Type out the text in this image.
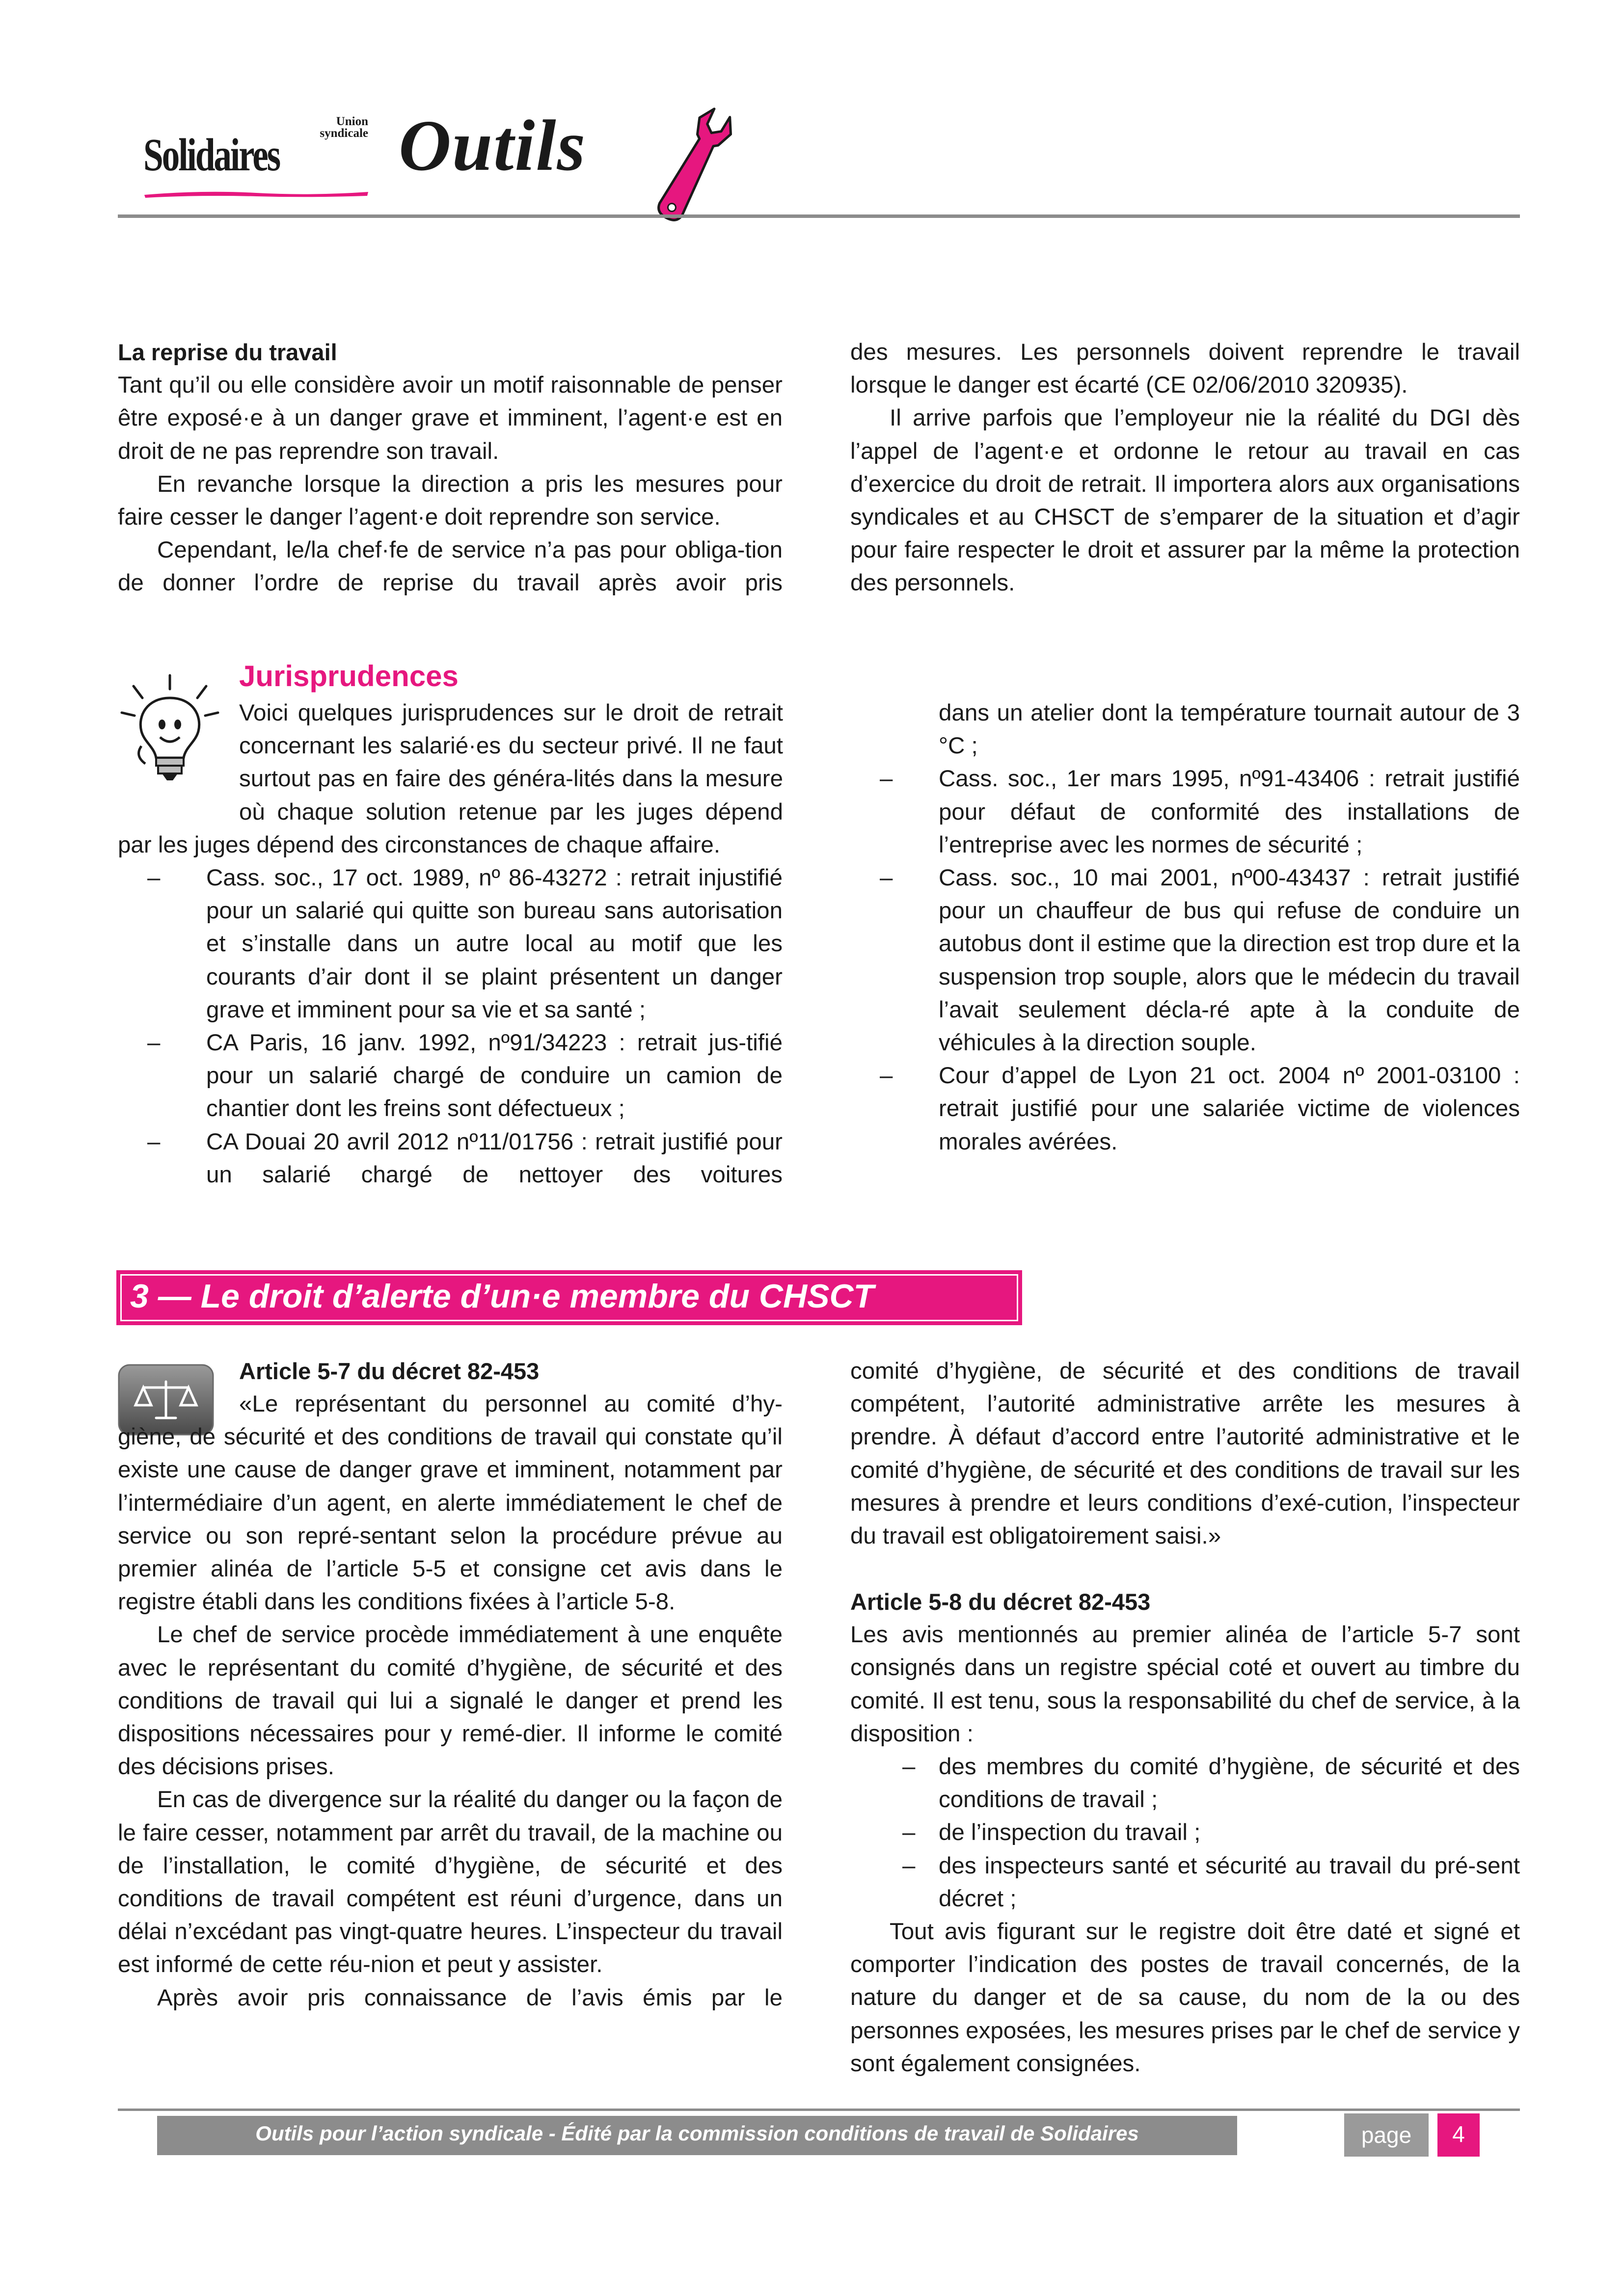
Union
syndicale
Solidaires Outils

La reprise du travail

Tant qu’il ou elle considère avoir un motif raisonnable de penser être exposé·e à un danger grave et imminent, l’agent·e est en droit de ne pas reprendre son travail.

En revanche lorsque la direction a pris les mesures pour faire cesser le danger l’agent·e doit reprendre son service.

Cependant, le/la chef·fe de service n’a pas pour obliga-tion de donner l’ordre de reprise du travail après avoir pris

des mesures. Les personnels doivent reprendre le travail lorsque le danger est écarté (CE 02/06/2010 320935).

Il arrive parfois que l’employeur nie la réalité du DGI dès l’appel de l’agent·e et ordonne le retour au travail en cas d’exercice du droit de retrait. Il importera alors aux organisations syndicales et au CHSCT de s’emparer de la situation et d’agir pour faire respecter le droit et assurer par la même la protection des personnels.

Jurisprudences

Voici quelques jurisprudences sur le droit de retrait concernant les salarié·es du secteur privé. Il ne faut surtout pas en faire des généra-lités dans la mesure où chaque solution retenue par les juges dépend

par les juges dépend des circonstances de chaque affaire.

– Cass. soc., 17 oct. 1989, nº 86-43272 : retrait injustifié pour un salarié qui quitte son bureau sans autorisation et s’installe dans un autre local au motif que les courants d’air dont il se plaint présentent un danger grave et imminent pour sa vie et sa santé ;

– CA Paris, 16 janv. 1992, nº91/34223 : retrait jus-tifié pour un salarié chargé de conduire un camion de chantier dont les freins sont défectueux ;

– CA Douai 20 avril 2012 nº11/01756 : retrait justifié pour un salarié chargé de nettoyer des voitures

dans un atelier dont la température tournait autour de 3 °C ;

– Cass. soc., 1er mars 1995, nº91-43406 : retrait justifié pour défaut de conformité des installations de l’entreprise avec les normes de sécurité ;

– Cass. soc., 10 mai 2001, nº00-43437 : retrait justifié pour un chauffeur de bus qui refuse de conduire un autobus dont il estime que la direction est trop dure et la suspension trop souple, alors que le médecin du travail l’avait seulement décla-ré apte à la conduite de véhicules à la direction souple.

– Cour d’appel de Lyon 21 oct. 2004 nº 2001-03100 : retrait justifié pour une salariée victime de violences morales avérées.

3 — Le droit d’alerte d’un·e membre du CHSCT

Article 5-7 du décret 82-453

«Le représentant du personnel au comité d’hy-giène, de sécurité et des conditions de travail qui constate qu’il existe une cause de danger grave et imminent, notamment par l’intermédiaire d’un agent, en alerte immédiatement le chef de service ou son repré-sentant selon la procédure prévue au premier alinéa de l’article 5-5 et consigne cet avis dans le registre établi dans les conditions fixées à l’article 5-8.

Le chef de service procède immédiatement à une enquête avec le représentant du comité d’hygiène, de sécurité et des conditions de travail qui lui a signalé le danger et prend les dispositions nécessaires pour y remé-dier. Il informe le comité des décisions prises.

En cas de divergence sur la réalité du danger ou la façon de le faire cesser, notamment par arrêt du travail, de la machine ou de l’installation, le comité d’hygiène, de sécurité et des conditions de travail compétent est réuni d’urgence, dans un délai n’excédant pas vingt-quatre heures. L’inspecteur du travail est informé de cette réu-nion et peut y assister.

Après avoir pris connaissance de l’avis émis par le

comité d’hygiène, de sécurité et des conditions de travail compétent, l’autorité administrative arrête les mesures à prendre. À défaut d’accord entre l’autorité administrative et le comité d’hygiène, de sécurité et des conditions de travail sur les mesures à prendre et leurs conditions d’exé-cution, l’inspecteur du travail est obligatoirement saisi.»

Article 5-8 du décret 82-453

Les avis mentionnés au premier alinéa de l’article 5-7 sont consignés dans un registre spécial coté et ouvert au timbre du comité. Il est tenu, sous la responsabilité du chef de service, à la disposition :

– des membres du comité d’hygiène, de sécurité et des conditions de travail ;

– de l’inspection du travail ;

– des inspecteurs santé et sécurité au travail du pré-sent décret ;

Tout avis figurant sur le registre doit être daté et signé et comporter l’indication des postes de travail concernés, de la nature du danger et de sa cause, du nom de la ou des personnes exposées, les mesures prises par le chef de service y sont également consignées.

Outils pour l’action syndicale - Édité par la commission conditions de travail de Solidaires	page	4
